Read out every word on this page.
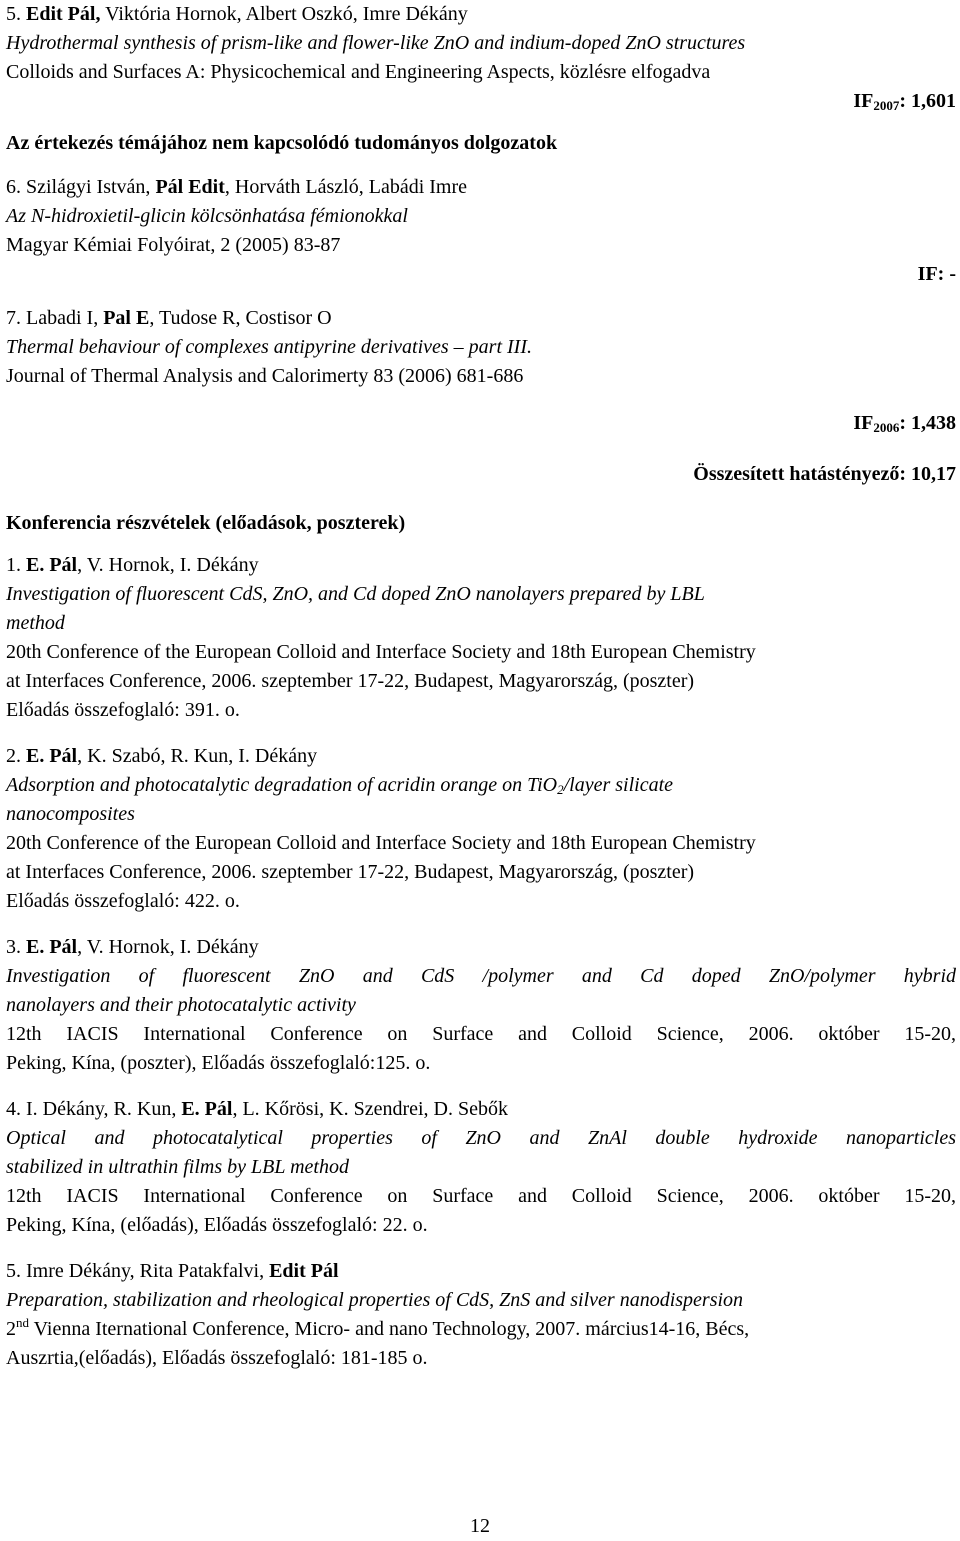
5. Edit Pál, Viktória Hornok, Albert Oszkó, Imre Dékány
Hydrothermal synthesis of prism-like and flower-like ZnO and indium-doped ZnO structures
Colloids and Surfaces A: Physicochemical and Engineering Aspects, közlésre elfogadva
$IF_{2007}$: 1,601
Az értekezés témájához nem kapcsolódó tudományos dolgozatok
6. Szilágyi István, Pál Edit, Horváth László, Labádi Imre
Az N-hidroxietil-glicin kölcsönhatása fémionokkal
Magyar Kémiai Folyóirat, 2 (2005) 83-87
IF: -
7. Labadi I, Pal E, Tudose R, Costisor O
Thermal behaviour of complexes antipyrine derivatives – part III.
Journal of Thermal Analysis and Calorimerty 83 (2006) 681-686
$IF_{2006}$: 1,438
Összesített hatástényező: 10,17
Konferencia részvételek (előadások, poszterek)
1. E. Pál, V. Hornok, I. Dékány
Investigation of fluorescent CdS, ZnO, and Cd doped ZnO nanolayers prepared by LBL
method
20th Conference of the European Colloid and Interface Society and 18th European Chemistry
at Interfaces Conference, 2006. szeptember 17-22, Budapest, Magyarország, (poszter)
Előadás összefoglaló: 391. o.
2. E. Pál, K. Szabó, R. Kun, I. Dékány
Adsorption and photocatalytic degradation of acridin orange on TiO$_2$/layer silicate
nanocomposites
20th Conference of the European Colloid and Interface Society and 18th European Chemistry
at Interfaces Conference, 2006. szeptember 17-22, Budapest, Magyarország, (poszter)
Előadás összefoglaló: 422. o.
3. E. Pál, V. Hornok, I. Dékány
Investigation of fluorescent ZnO and CdS /polymer and Cd doped ZnO/polymer hybrid
nanolayers and their photocatalytic activity
12th IACIS International Conference on Surface and Colloid Science, 2006. október 15-20,
Peking, Kína, (poszter), Előadás összefoglaló:125. o.
4. I. Dékány, R. Kun, E. Pál, L. Kőrösi, K. Szendrei, D. Sebők
Optical and photocatalytical properties of ZnO and ZnAl double hydroxide nanoparticles
stabilized in ultrathin films by LBL method
12th IACIS International Conference on Surface and Colloid Science, 2006. október 15-20,
Peking, Kína, (előadás), Előadás összefoglaló: 22. o.
5. Imre Dékány, Rita Patakfalvi, Edit Pál
Preparation, stabilization and rheological properties of CdS, ZnS and silver nanodispersion
2nd Vienna Iternational Conference, Micro- and nano Technology, 2007. március14-16, Bécs,
Auszrtia,(előadás), Előadás összefoglaló: 181-185 o.
12
